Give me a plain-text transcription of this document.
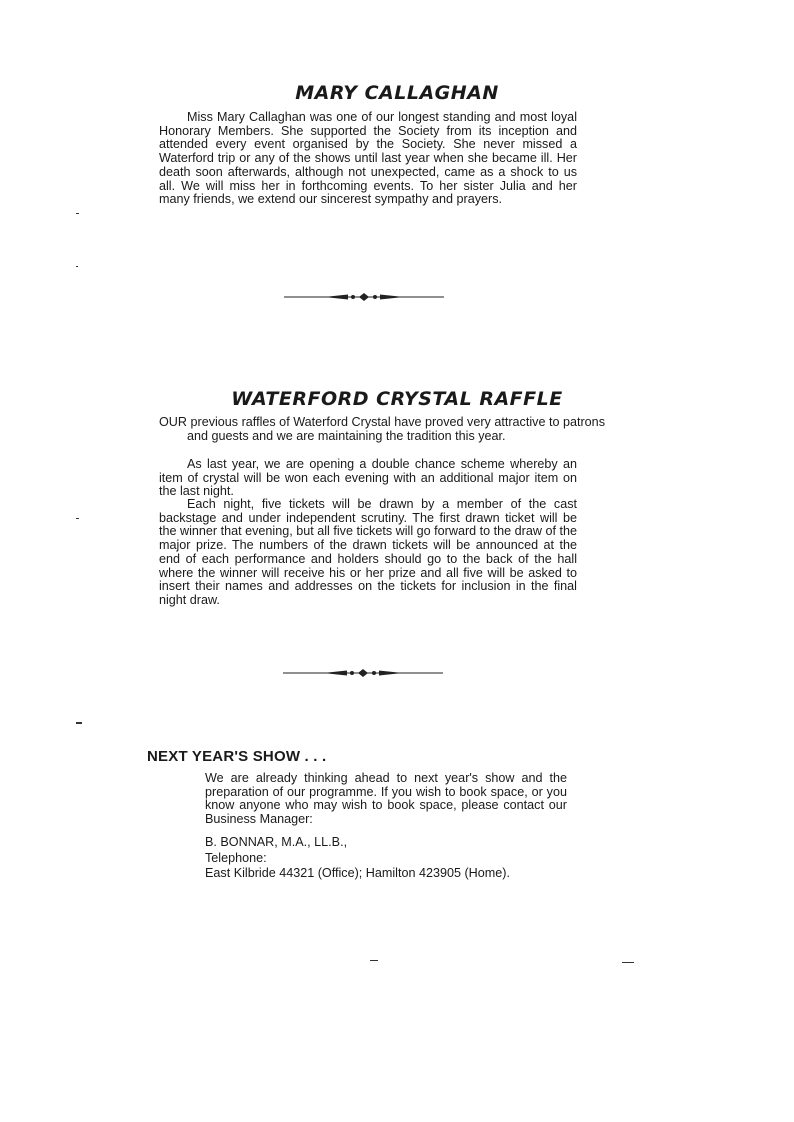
MARY CALLAGHAN

Miss Mary Callaghan was one of our longest standing and most loyal Honorary Members. She supported the Society from its inception and attended every event organised by the Society. She never missed a Waterford trip or any of the shows until last year when she became ill. Her death soon afterwards, although not unexpected, came as a shock to us all. We will miss her in forthcoming events. To her sister Julia and her many friends, we extend our sincerest sympathy and prayers.

WATERFORD CRYSTAL RAFFLE

OUR previous raffles of Waterford Crystal have proved very attractive to patrons and guests and we are maintaining the tradition this year.

As last year, we are opening a double chance scheme whereby an item of crystal will be won each evening with an additional major item on the last night.

Each night, five tickets will be drawn by a member of the cast backstage and under independent scrutiny. The first drawn ticket will be the winner that evening, but all five tickets will go forward to the draw of the major prize. The numbers of the drawn tickets will be announced at the end of each performance and holders should go to the back of the hall where the winner will receive his or her prize and all five will be asked to insert their names and addresses on the tickets for inclusion in the final night draw.

NEXT YEAR'S SHOW . . .

We are already thinking ahead to next year's show and the preparation of our programme. If you wish to book space, or you know anyone who may wish to book space, please contact our Business Manager:

B. BONNAR, M.A., LL.B.,

Telephone:

East Kilbride 44321 (Office); Hamilton 423905 (Home).
